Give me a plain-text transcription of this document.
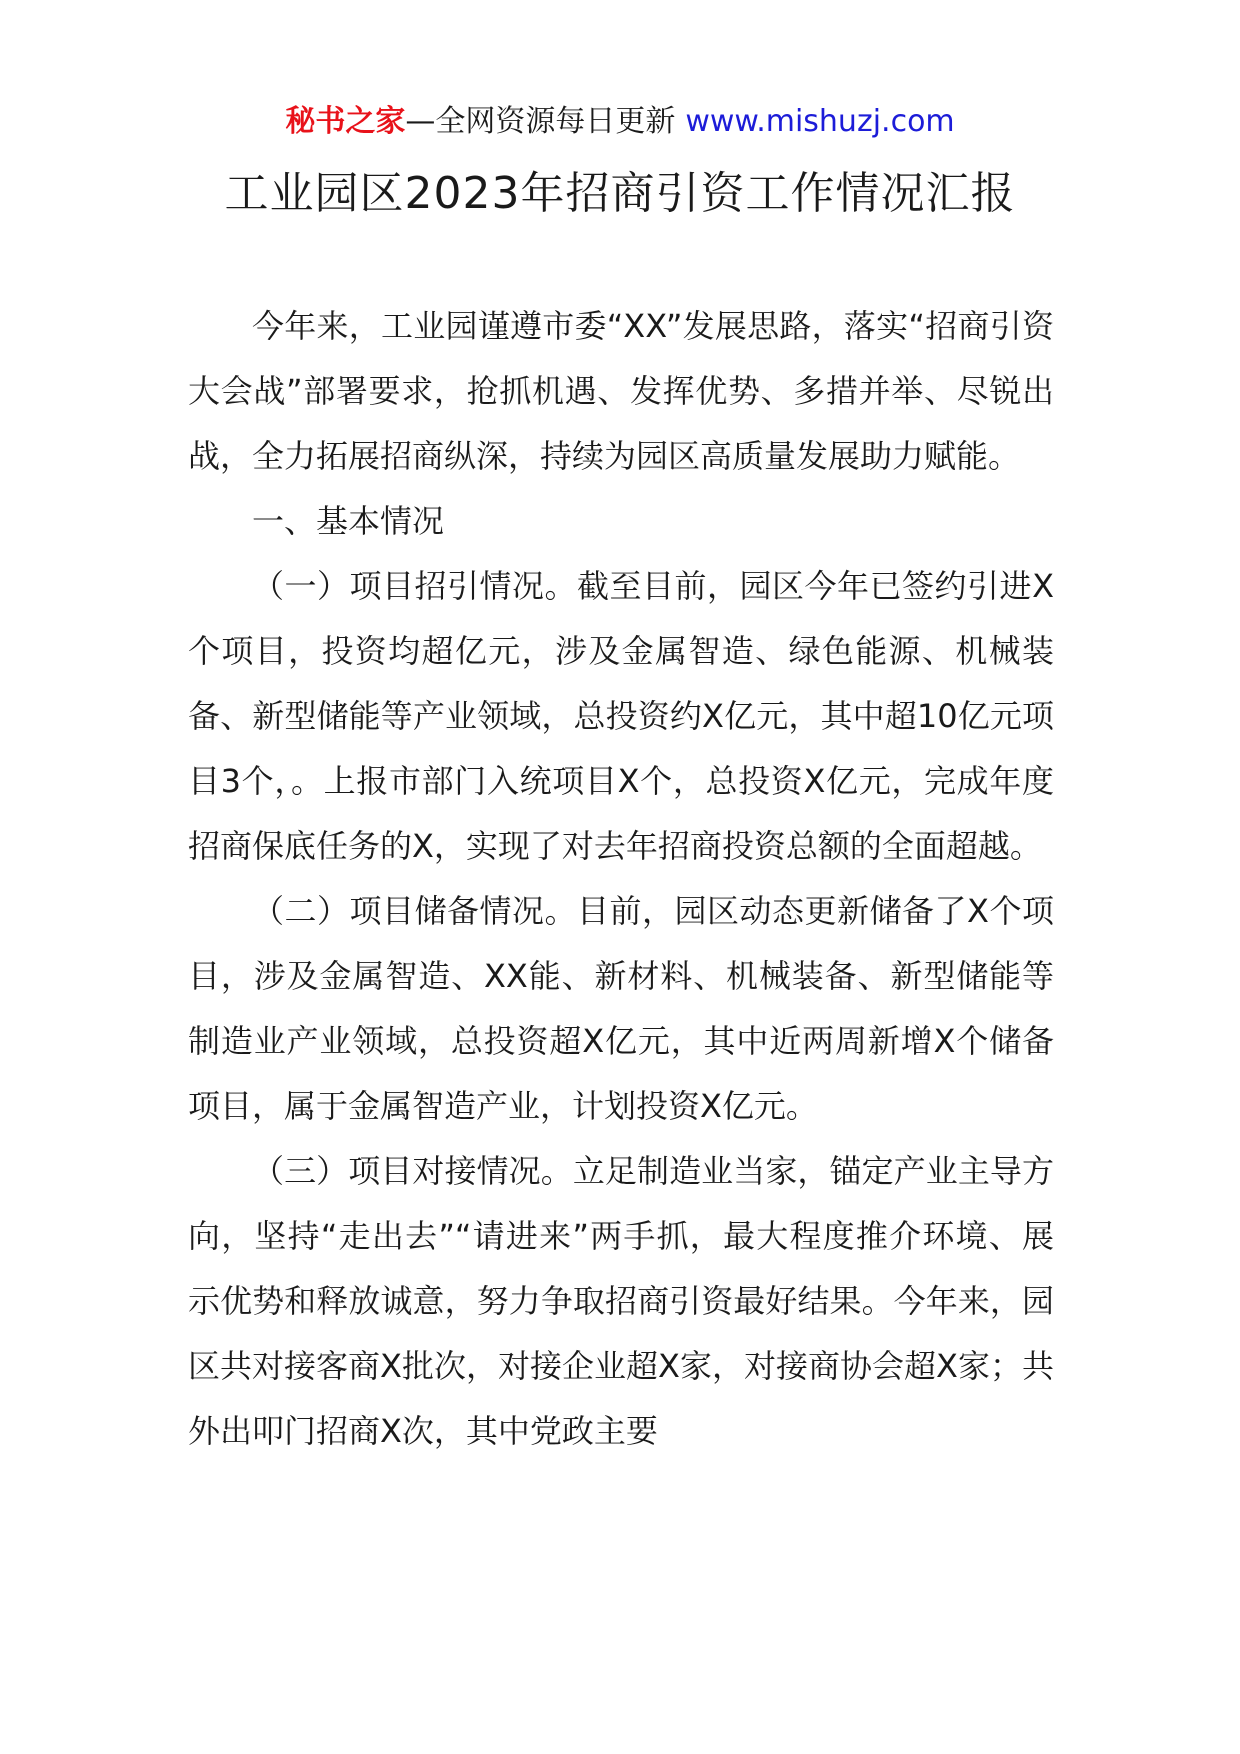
秘书之家—全网资源每日更新 www.mishuzj.com
工业园区2023年招商引资工作情况汇报

今年来，工业园谨遵市委“XX”发展思路，落实“招商引资大会战”部署要求，抢抓机遇、发挥优势、多措并举、尽锐出战，全力拓展招商纵深，持续为园区高质量发展助力赋能。

一、基本情况

（一）项目招引情况。截至目前，园区今年已签约引进X个项目，投资均超亿元，涉及金属智造、绿色能源、机械装备、新型储能等产业领域，总投资约X亿元，其中超10亿元项目3个，。上报市部门入统项目X个，总投资X亿元，完成年度招商保底任务的X，实现了对去年招商投资总额的全面超越。

（二）项目储备情况。目前，园区动态更新储备了X个项目，涉及金属智造、XX能、新材料、机械装备、新型储能等制造业产业领域，总投资超X亿元，其中近两周新增X个储备项目，属于金属智造产业，计划投资X亿元。

（三）项目对接情况。立足制造业当家，锚定产业主导方向，坚持“走出去”“请进来”两手抓，最大程度推介环境、展示优势和释放诚意，努力争取招商引资最好结果。今年来，园区共对接客商X批次，对接企业超X家，对接商协会超X家；共外出叩门招商X次，其中党政主要
